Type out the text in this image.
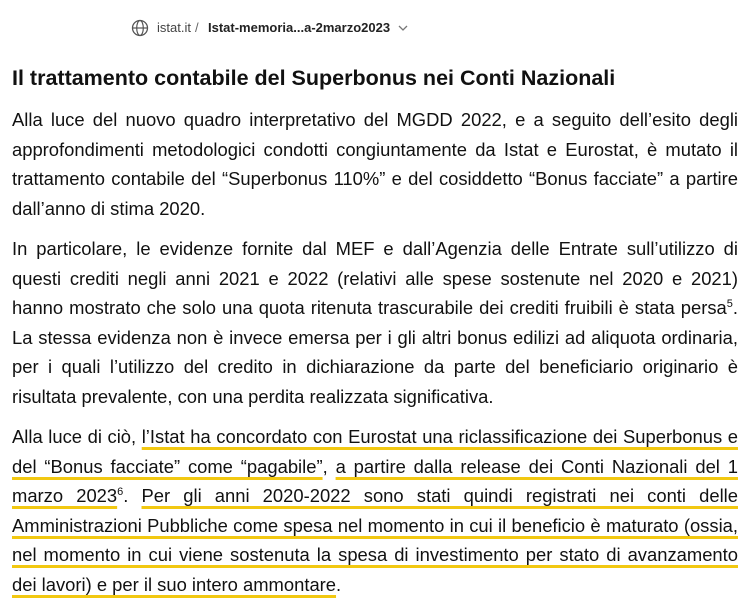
istat.it / Istat-memoria...a-2marzo2023
Il trattamento contabile del Superbonus nei Conti Nazionali

Alla luce del nuovo quadro interpretativo del MGDD 2022, e a seguito dell’esito degli approfondimenti metodologici condotti congiuntamente da Istat e Eurostat, è mutato il trattamento contabile del “Superbonus 110%” e del cosiddetto “Bonus facciate” a partire dall’anno di stima 2020.

In particolare, le evidenze fornite dal MEF e dall’Agenzia delle Entrate sull’utilizzo di questi crediti negli anni 2021 e 2022 (relativi alle spese sostenute nel 2020 e 2021) hanno mostrato che solo una quota ritenuta trascurabile dei crediti fruibili è stata persa$^5$. La stessa evidenza non è invece emersa per i gli altri bonus edilizi ad aliquota ordinaria, per i quali l’utilizzo del credito in dichiarazione da parte del beneficiario originario è risultata prevalente, con una perdita realizzata significativa.

Alla luce di ciò, l’Istat ha concordato con Eurostat una riclassificazione dei Superbonus e del “Bonus facciate” come “pagabile”, a partire dalla release dei Conti Nazionali del 1 marzo 2023$^6$. Per gli anni 2020-2022 sono stati quindi registrati nei conti delle Amministrazioni Pubbliche come spesa nel momento in cui il beneficio è maturato (ossia, nel momento in cui viene sostenuta la spesa di investimento per stato di avanzamento dei lavori) e per il suo intero ammontare.
